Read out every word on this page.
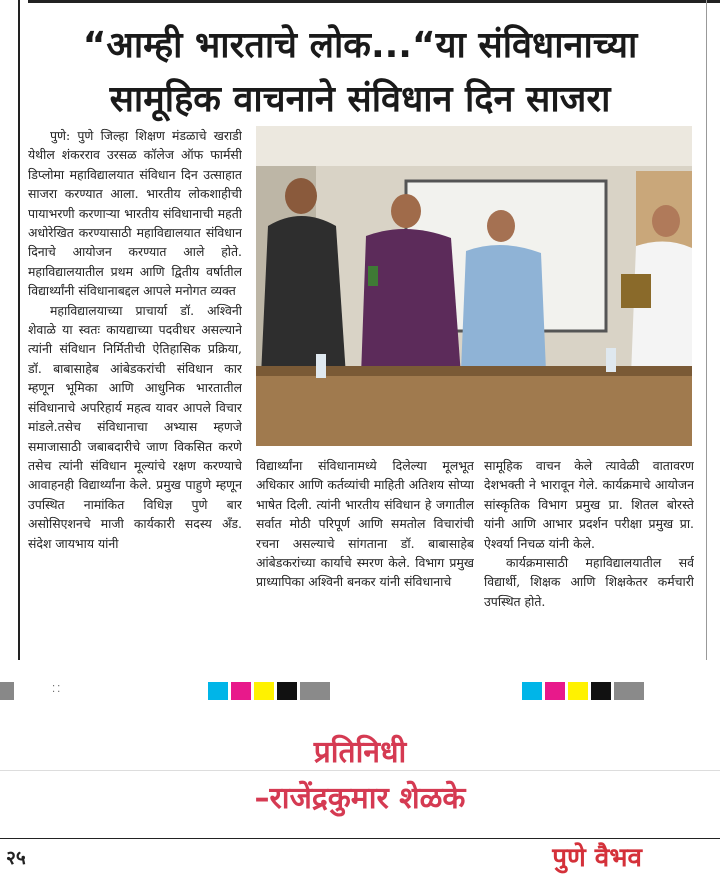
“आम्ही भारताचे लोक...“या संविधानाच्या
सामूहिक वाचनाने संविधान दिन साजरा

पुणे: पुणे जिल्हा शिक्षण मंडळाचे खराडी येथील शंकरराव उरसळ कॉलेज ऑफ फार्मसी डिप्लोमा महाविद्यालयात संविधान दिन उत्साहात साजरा करण्यात आला. भारतीय लोकशाहीची पायाभरणी करणाऱ्या भारतीय संविधानाची महती अधोरेखित करण्यासाठी महाविद्यालयात संविधान दिनाचे आयोजन करण्यात आले होते. महाविद्यालयातील प्रथम आणि द्वितीय वर्षातील विद्यार्थ्यांनी संविधानाबद्दल आपले मनोगत व्यक्त

महाविद्यालयाच्या प्राचार्या डॉ. अश्विनी शेवाळे या स्वतः कायद्याच्या पदवीधर असल्याने त्यांनी संविधान निर्मितीची ऐतिहासिक प्रक्रिया, डॉ. बाबासाहेब आंबेडकरांची संविधान कार म्हणून भूमिका आणि आधुनिक भारतातील संविधानाचे अपरिहार्य महत्व यावर आपले विचार मांडले.तसेच संविधानाचा अभ्यास म्हणजे समाजासाठी जबाबदारीचे जाण विकसित करणे तसेच त्यांनी संविधान मूल्यांचे रक्षण करण्याचे आवाहनही विद्यार्थ्यांना केले. प्रमुख पाहुणे म्हणून उपस्थित नामांकित विधिज्ञ पुणे बार असोसिएशनचे माजी कार्यकारी सदस्य अँड. संदेश जायभाय यांनी

विद्यार्थ्यांना संविधानामध्ये दिलेल्या मूलभूत अधिकार आणि कर्तव्यांची माहिती अतिशय सोप्या भाषेत दिली. त्यांनी भारतीय संविधान हे जगातील सर्वात मोठी परिपूर्ण आणि समतोल विचारांची रचना असल्याचे सांगताना डॉ. बाबासाहेब आंबेडकरांच्या कार्याचे स्मरण केले. विभाग प्रमुख प्राध्यापिका अश्विनी बनकर यांनी संविधानाचे

सामूहिक वाचन केले त्यावेळी वातावरण देशभक्ती ने भारावून गेले. कार्यक्रमाचे आयोजन सांस्कृतिक विभाग प्रमुख प्रा. शितल बोरस्ते यांनी आणि आभार प्रदर्शन परीक्षा प्रमुख प्रा. ऐश्वर्या निचळ यांनी केले.

कार्यक्रमासाठी महाविद्यालयातील सर्व विद्यार्थी, शिक्षक आणि शिक्षकेतर कर्मचारी उपस्थित होते.

⁚⁚
प्रतिनिधी
–राजेंद्रकुमार शेळके
२५	पुणे वैभव
